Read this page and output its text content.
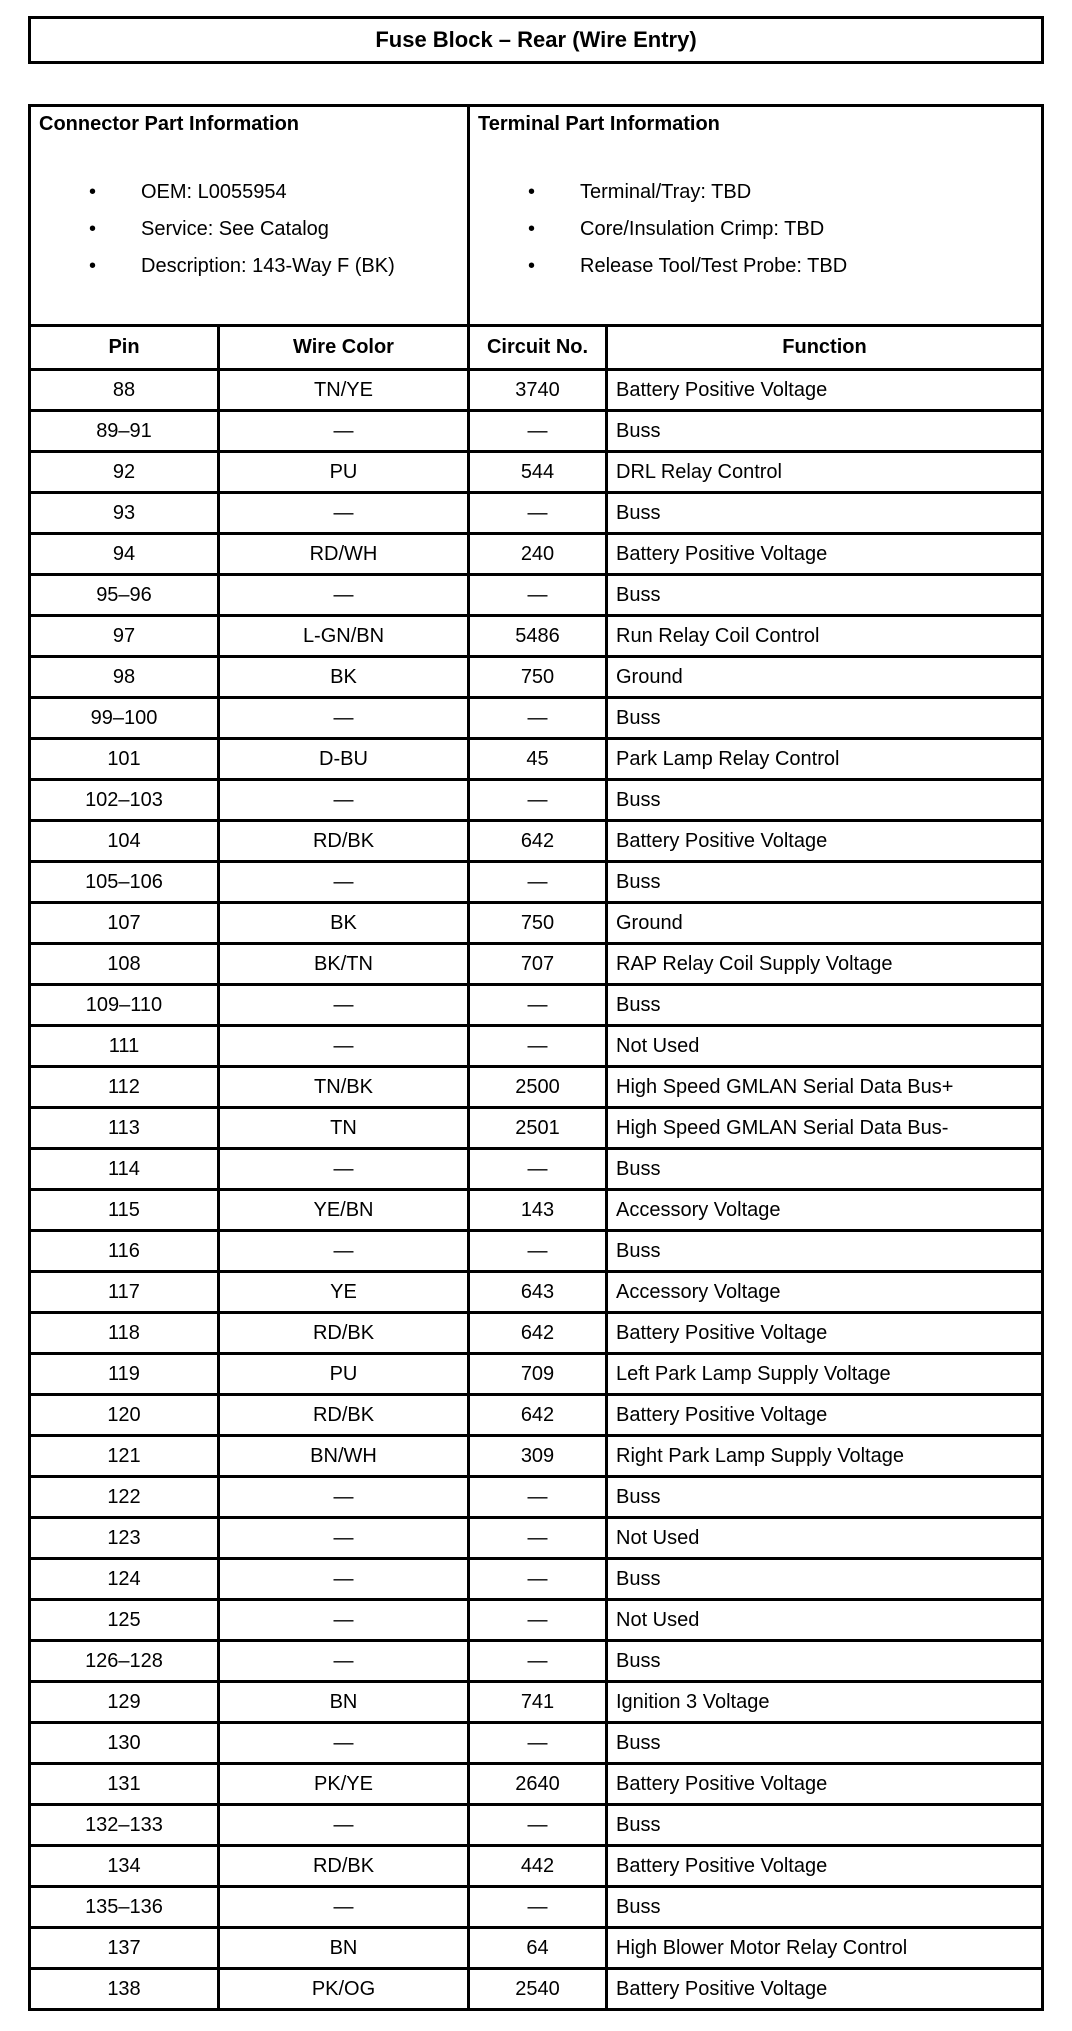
Fuse Block – Rear (Wire Entry)
Connector Part Information
• OEM: L0055954
• Service: See Catalog
• Description: 143-Way F (BK)

Terminal Part Information
• Terminal/Tray: TBD
• Core/Insulation Crimp: TBD
• Release Tool/Test Probe: TBD

Pin	Wire Color	Circuit No.	Function
88	TN/YE	3740	Battery Positive Voltage
89–91	—	—	Buss
92	PU	544	DRL Relay Control
93	—	—	Buss
94	RD/WH	240	Battery Positive Voltage
95–96	—	—	Buss
97	L-GN/BN	5486	Run Relay Coil Control
98	BK	750	Ground
99–100	—	—	Buss
101	D-BU	45	Park Lamp Relay Control
102–103	—	—	Buss
104	RD/BK	642	Battery Positive Voltage
105–106	—	—	Buss
107	BK	750	Ground
108	BK/TN	707	RAP Relay Coil Supply Voltage
109–110	—	—	Buss
111	—	—	Not Used
112	TN/BK	2500	High Speed GMLAN Serial Data Bus+
113	TN	2501	High Speed GMLAN Serial Data Bus-
114	—	—	Buss
115	YE/BN	143	Accessory Voltage
116	—	—	Buss
117	YE	643	Accessory Voltage
118	RD/BK	642	Battery Positive Voltage
119	PU	709	Left Park Lamp Supply Voltage
120	RD/BK	642	Battery Positive Voltage
121	BN/WH	309	Right Park Lamp Supply Voltage
122	—	—	Buss
123	—	—	Not Used
124	—	—	Buss
125	—	—	Not Used
126–128	—	—	Buss
129	BN	741	Ignition 3 Voltage
130	—	—	Buss
131	PK/YE	2640	Battery Positive Voltage
132–133	—	—	Buss
134	RD/BK	442	Battery Positive Voltage
135–136	—	—	Buss
137	BN	64	High Blower Motor Relay Control
138	PK/OG	2540	Battery Positive Voltage
